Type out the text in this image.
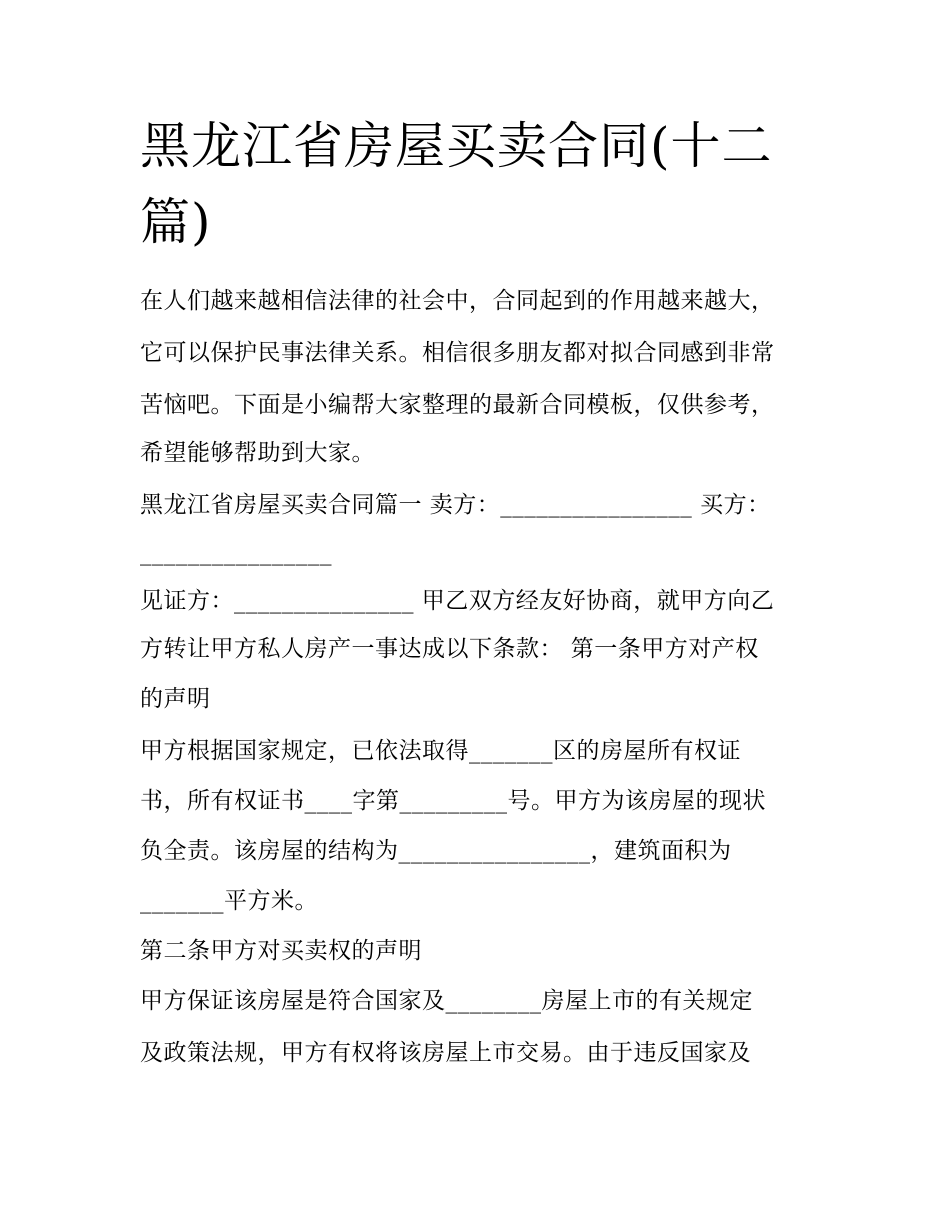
黑龙江省房屋买卖合同(十二篇)

在人们越来越相信法律的社会中，合同起到的作用越来越大，

它可以保护民事法律关系。相信很多朋友都对拟合同感到非常

苦恼吧。下面是小编帮大家整理的最新合同模板，仅供参考，

希望能够帮助到大家。

黑龙江省房屋买卖合同篇一 卖方：________________ 买方：

________________

见证方：_______________ 甲乙双方经友好协商，就甲方向乙

方转让甲方私人房产一事达成以下条款： 第一条甲方对产权

的声明

甲方根据国家规定，已依法取得_______区的房屋所有权证

书，所有权证书____字第_________号。甲方为该房屋的现状

负全责。该房屋的结构为________________，建筑面积为

_______平方米。

第二条甲方对买卖权的声明

甲方保证该房屋是符合国家及________房屋上市的有关规定

及政策法规，甲方有权将该房屋上市交易。由于违反国家及
